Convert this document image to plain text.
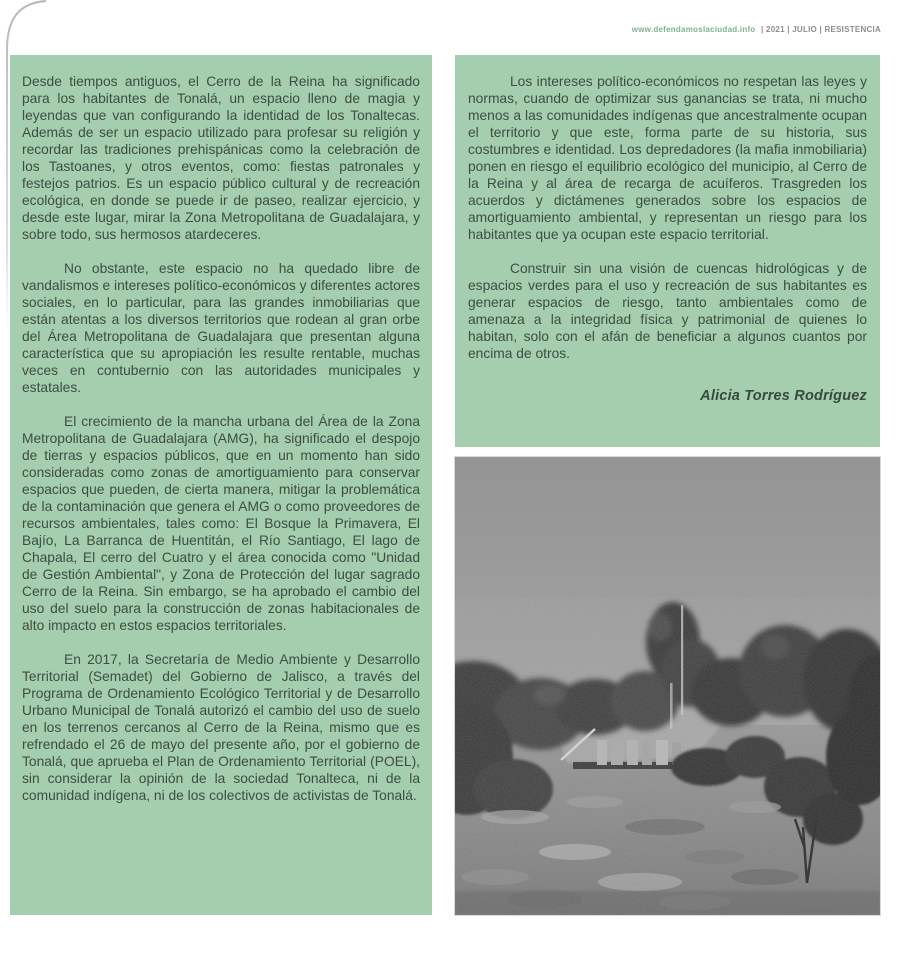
www.defendamoslaciudad.info | 2021 | JULIO | RESISTENCIA

Desde tiempos antiguos, el Cerro de la Reina ha significado para los habitantes de Tonalá, un espacio lleno de magia y leyendas que van configurando la identidad de los Tonaltecas. Además de ser un espacio utilizado para profesar su religión y recordar las tradiciones prehispánicas como la celebración de los Tastoanes, y otros eventos, como: fiestas patronales y festejos patrios. Es un espacio público cultural y de recreación ecológica, en donde se puede ir de paseo, realizar ejercicio, y desde este lugar, mirar la Zona Metropolitana de Guadalajara, y sobre todo, sus hermosos atardeceres.

No obstante, este espacio no ha quedado libre de vandalismos e intereses político-económicos y diferentes actores sociales, en lo particular, para las grandes inmobiliarias que están atentas a los diversos territorios que rodean al gran orbe del Área Metropolitana de Guadalajara que presentan alguna característica que su apropiación les resulte rentable, muchas veces en contubernio con las autoridades municipales y estatales.

El crecimiento de la mancha urbana del Área de la Zona Metropolitana de Guadalajara (AMG), ha significado el despojo de tierras y espacios públicos, que en un momento han sido consideradas como zonas de amortiguamiento para conservar espacios que pueden, de cierta manera, mitigar la problemática de la contaminación que genera el AMG o como proveedores de recursos ambientales, tales como: El Bosque la Primavera, El Bajío, La Barranca de Huentitán, el Río Santiago, El lago de Chapala, El cerro del Cuatro y el área conocida como "Unidad de Gestión Ambiental", y Zona de Protección del lugar sagrado Cerro de la Reina. Sin embargo, se ha aprobado el cambio del uso del suelo para la construcción de zonas habitacionales de alto impacto en estos espacios territoriales.

En 2017, la Secretaría de Medio Ambiente y Desarrollo Territorial (Semadet) del Gobierno de Jalisco, a través del Programa de Ordenamiento Ecológico Territorial y de Desarrollo Urbano Municipal de Tonalá autorizó el cambio del uso de suelo en los terrenos cercanos al Cerro de la Reina, mismo que es refrendado el 26 de mayo del presente año, por el gobierno de Tonalá, que aprueba el Plan de Ordenamiento Territorial (POEL), sin considerar la opinión de la sociedad Tonalteca, ni de la comunidad indígena, ni de los colectivos de activistas de Tonalá.

Los intereses político-económicos no respetan las leyes y normas, cuando de optimizar sus ganancias se trata, ni mucho menos a las comunidades indígenas que ancestralmente ocupan el territorio y que este, forma parte de su historia, sus costumbres e identidad. Los depredadores (la mafia inmobiliaria) ponen en riesgo el equilibrio ecológico del municipio, al Cerro de la Reina y al área de recarga de acuíferos. Trasgreden los acuerdos y dictámenes generados sobre los espacios de amortiguamiento ambiental, y representan un riesgo para los habitantes que ya ocupan este espacio territorial.

Construir sin una visión de cuencas hidrológicas y de espacios verdes para el uso y recreación de sus habitantes es generar espacios de riesgo, tanto ambientales como de amenaza a la integridad física y patrimonial de quienes lo habitan, solo con el afán de beneficiar a algunos cuantos por encima de otros.

Alicia Torres Rodríguez
